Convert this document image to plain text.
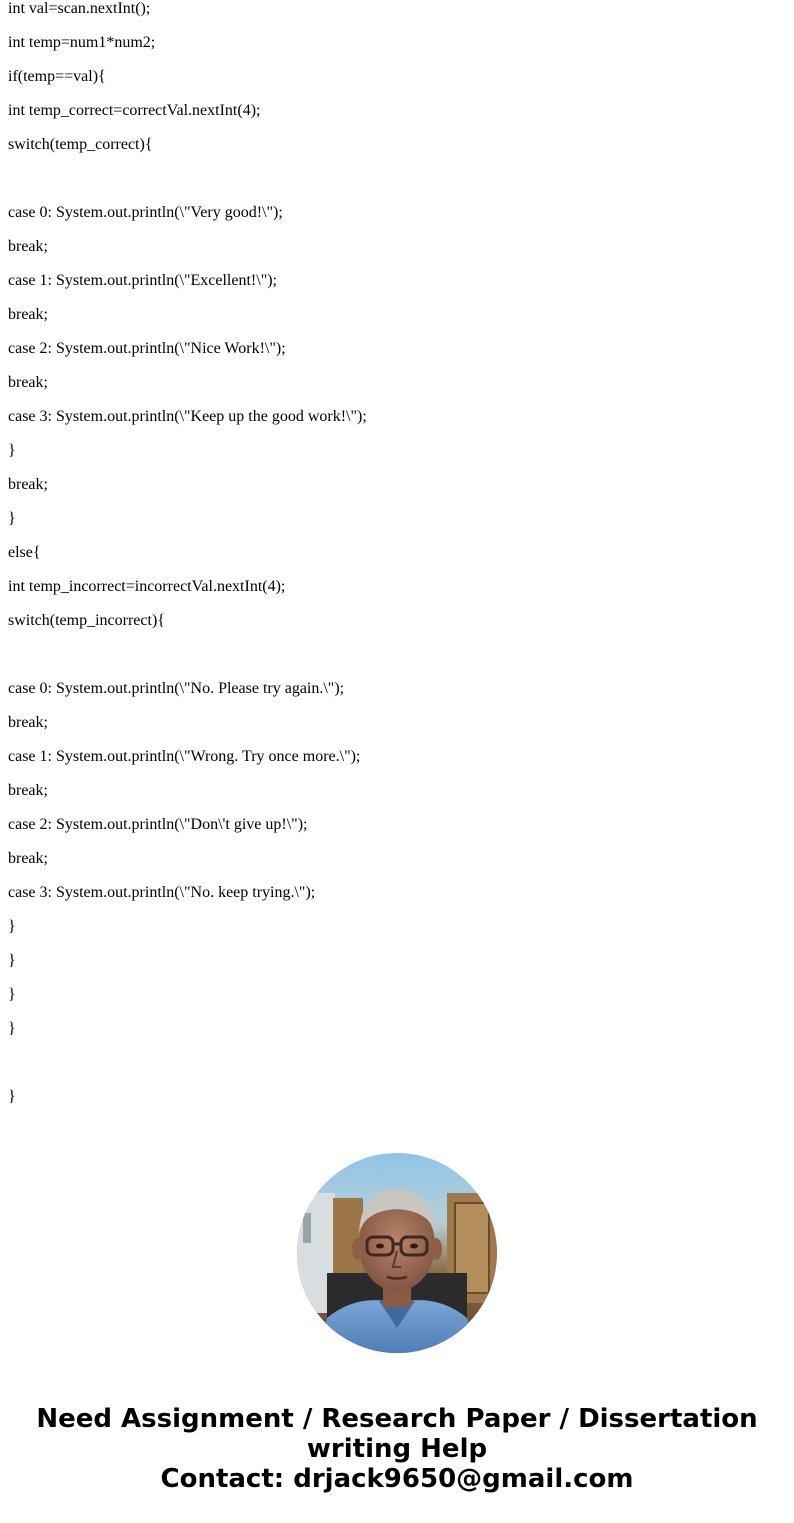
int val=scan.nextInt();
int temp=num1*num2;
if(temp==val){
int temp_correct=correctVal.nextInt(4);
switch(temp_correct){
case 0: System.out.println(\"Very good!\");
break;
case 1: System.out.println(\"Excellent!\");
break;
case 2: System.out.println(\"Nice Work!\");
break;
case 3: System.out.println(\"Keep up the good work!\");
}
break;
}
else{
int temp_incorrect=incorrectVal.nextInt(4);
switch(temp_incorrect){
case 0: System.out.println(\"No. Please try again.\");
break;
case 1: System.out.println(\"Wrong. Try once more.\");
break;
case 2: System.out.println(\"Don\'t give up!\");
break;
case 3: System.out.println(\"No. keep trying.\");
}
}
}
}
}
Need Assignment / Research Paper / Dissertation
writing Help
Contact: drjack9650@gmail.com
